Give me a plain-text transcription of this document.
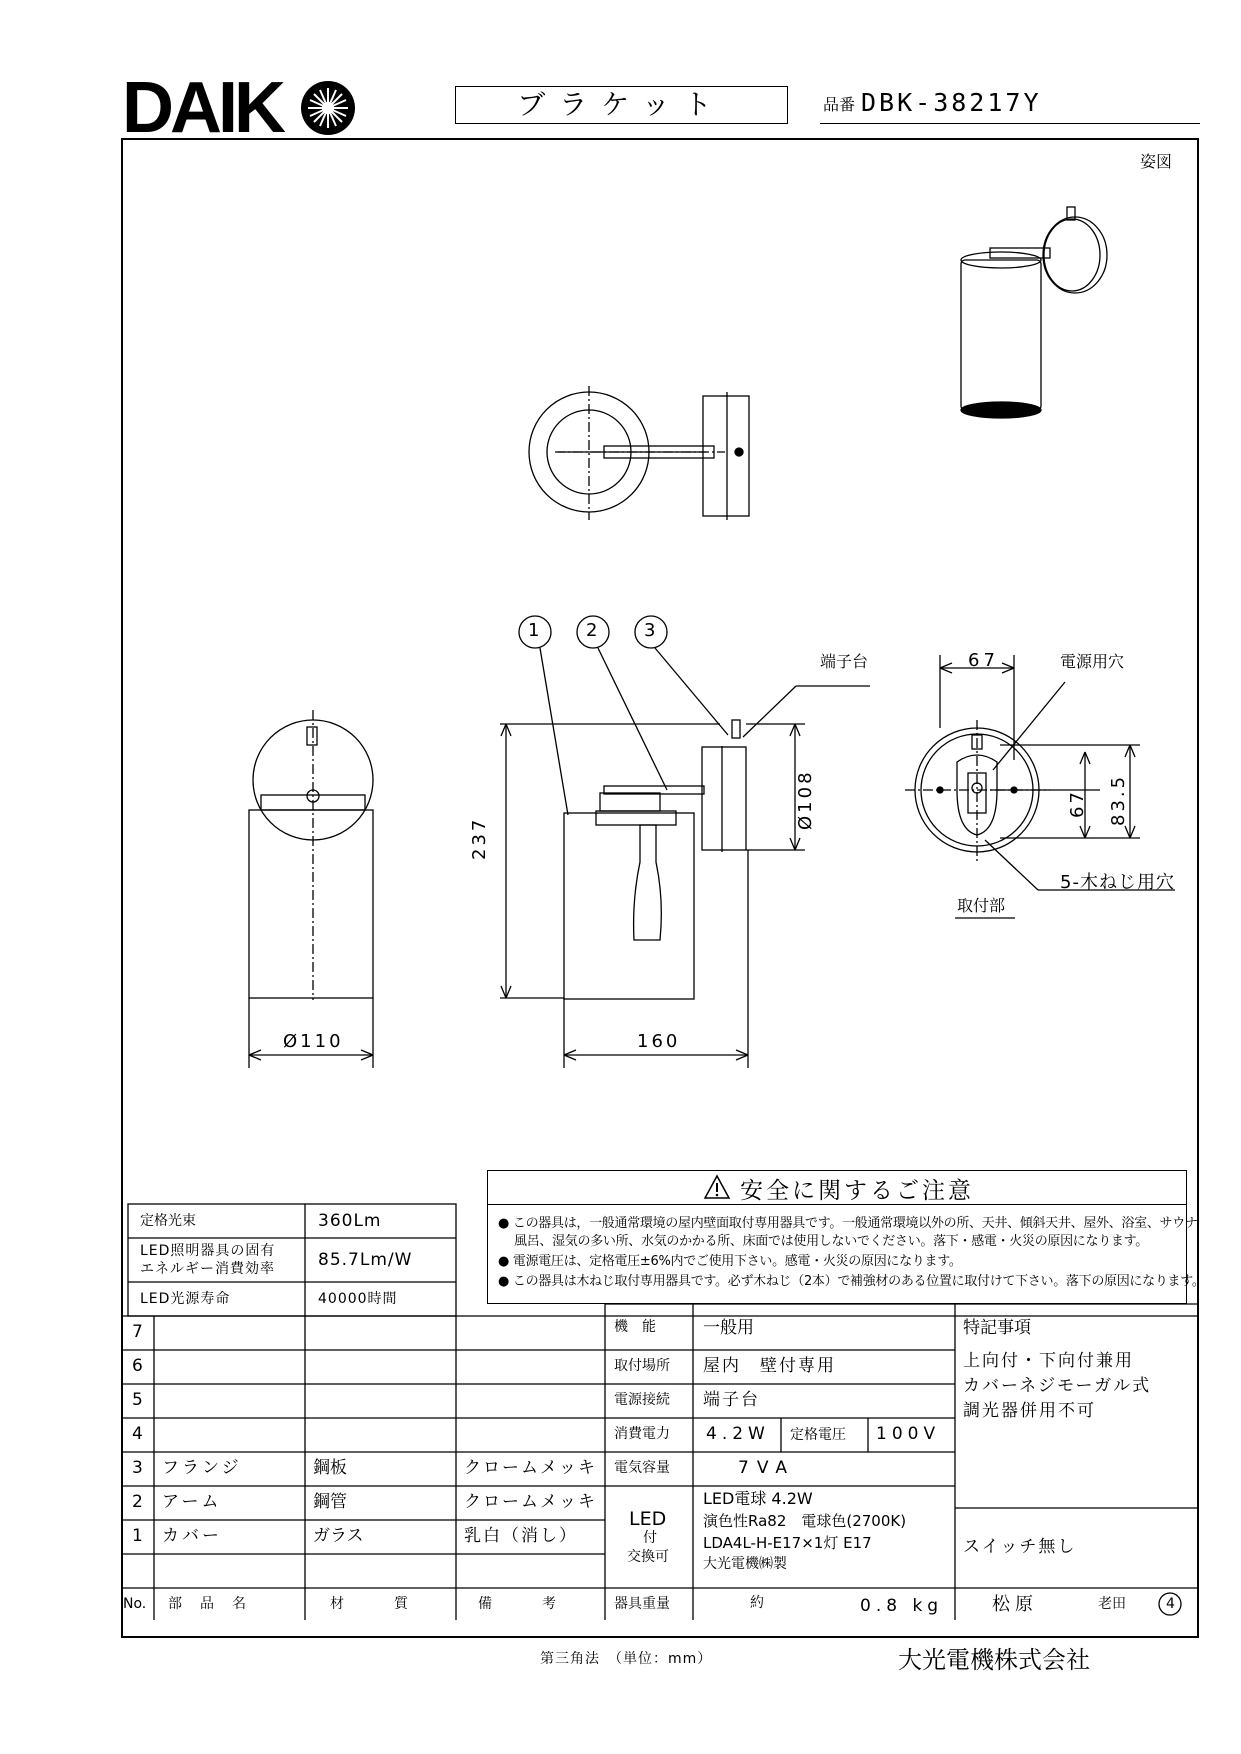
DAIK	ブラケット	品番 DBK-38217Y
姿図
1	2	3
端子台	電源用穴
5-木ねじ用穴
取付部
Ø110	160
237
Ø108
67
67 83.5
定格光束	360Lm
LED照明器具の固有
エネルギー消費効率	85.7Lm/W
LED光源寿命	40000時間
安全に関するご注意
● この器具は，一般通常環境の屋内壁面取付専用器具です。一般通常環境以外の所、天井、傾斜天井、屋外、浴室、サウナ
風呂、湿気の多い所、水気のかかる所、床面では使用しないでください。落下・感電・火災の原因になります。
● 電源電圧は、定格電圧±6%内でご使用下さい。感電・火災の原因になります。
● この器具は木ねじ取付専用器具です。必ず木ねじ（2本）で補強材のある位置に取付けて下さい。落下の原因になります。
7
6
5
4
3 フランジ	鋼板	クロームメッキ
2 アーム	鋼管	クロームメッキ
1 カバー	ガラス	乳白（消し）
No. 部　品　名	材　　　質	備　　　考
機　能	一般用
取付場所 屋内　壁付専用
電源接続 端子台
消費電力 4.2W 定格電圧 100V
電気容量	7VA
LED
付
交換可
LED電球 4.2W
演色性Ra82　電球色(2700K)
LDA4L-H-E17×1灯 E17
大光電機㈱製
器具重量	約	0.8 kg
特記事項
上向付・下向付兼用
カバーネジモーガル式
調光器併用不可
スイッチ無し
松原	老田	4
第三角法　（単位：mm）	大光電機株式会社
